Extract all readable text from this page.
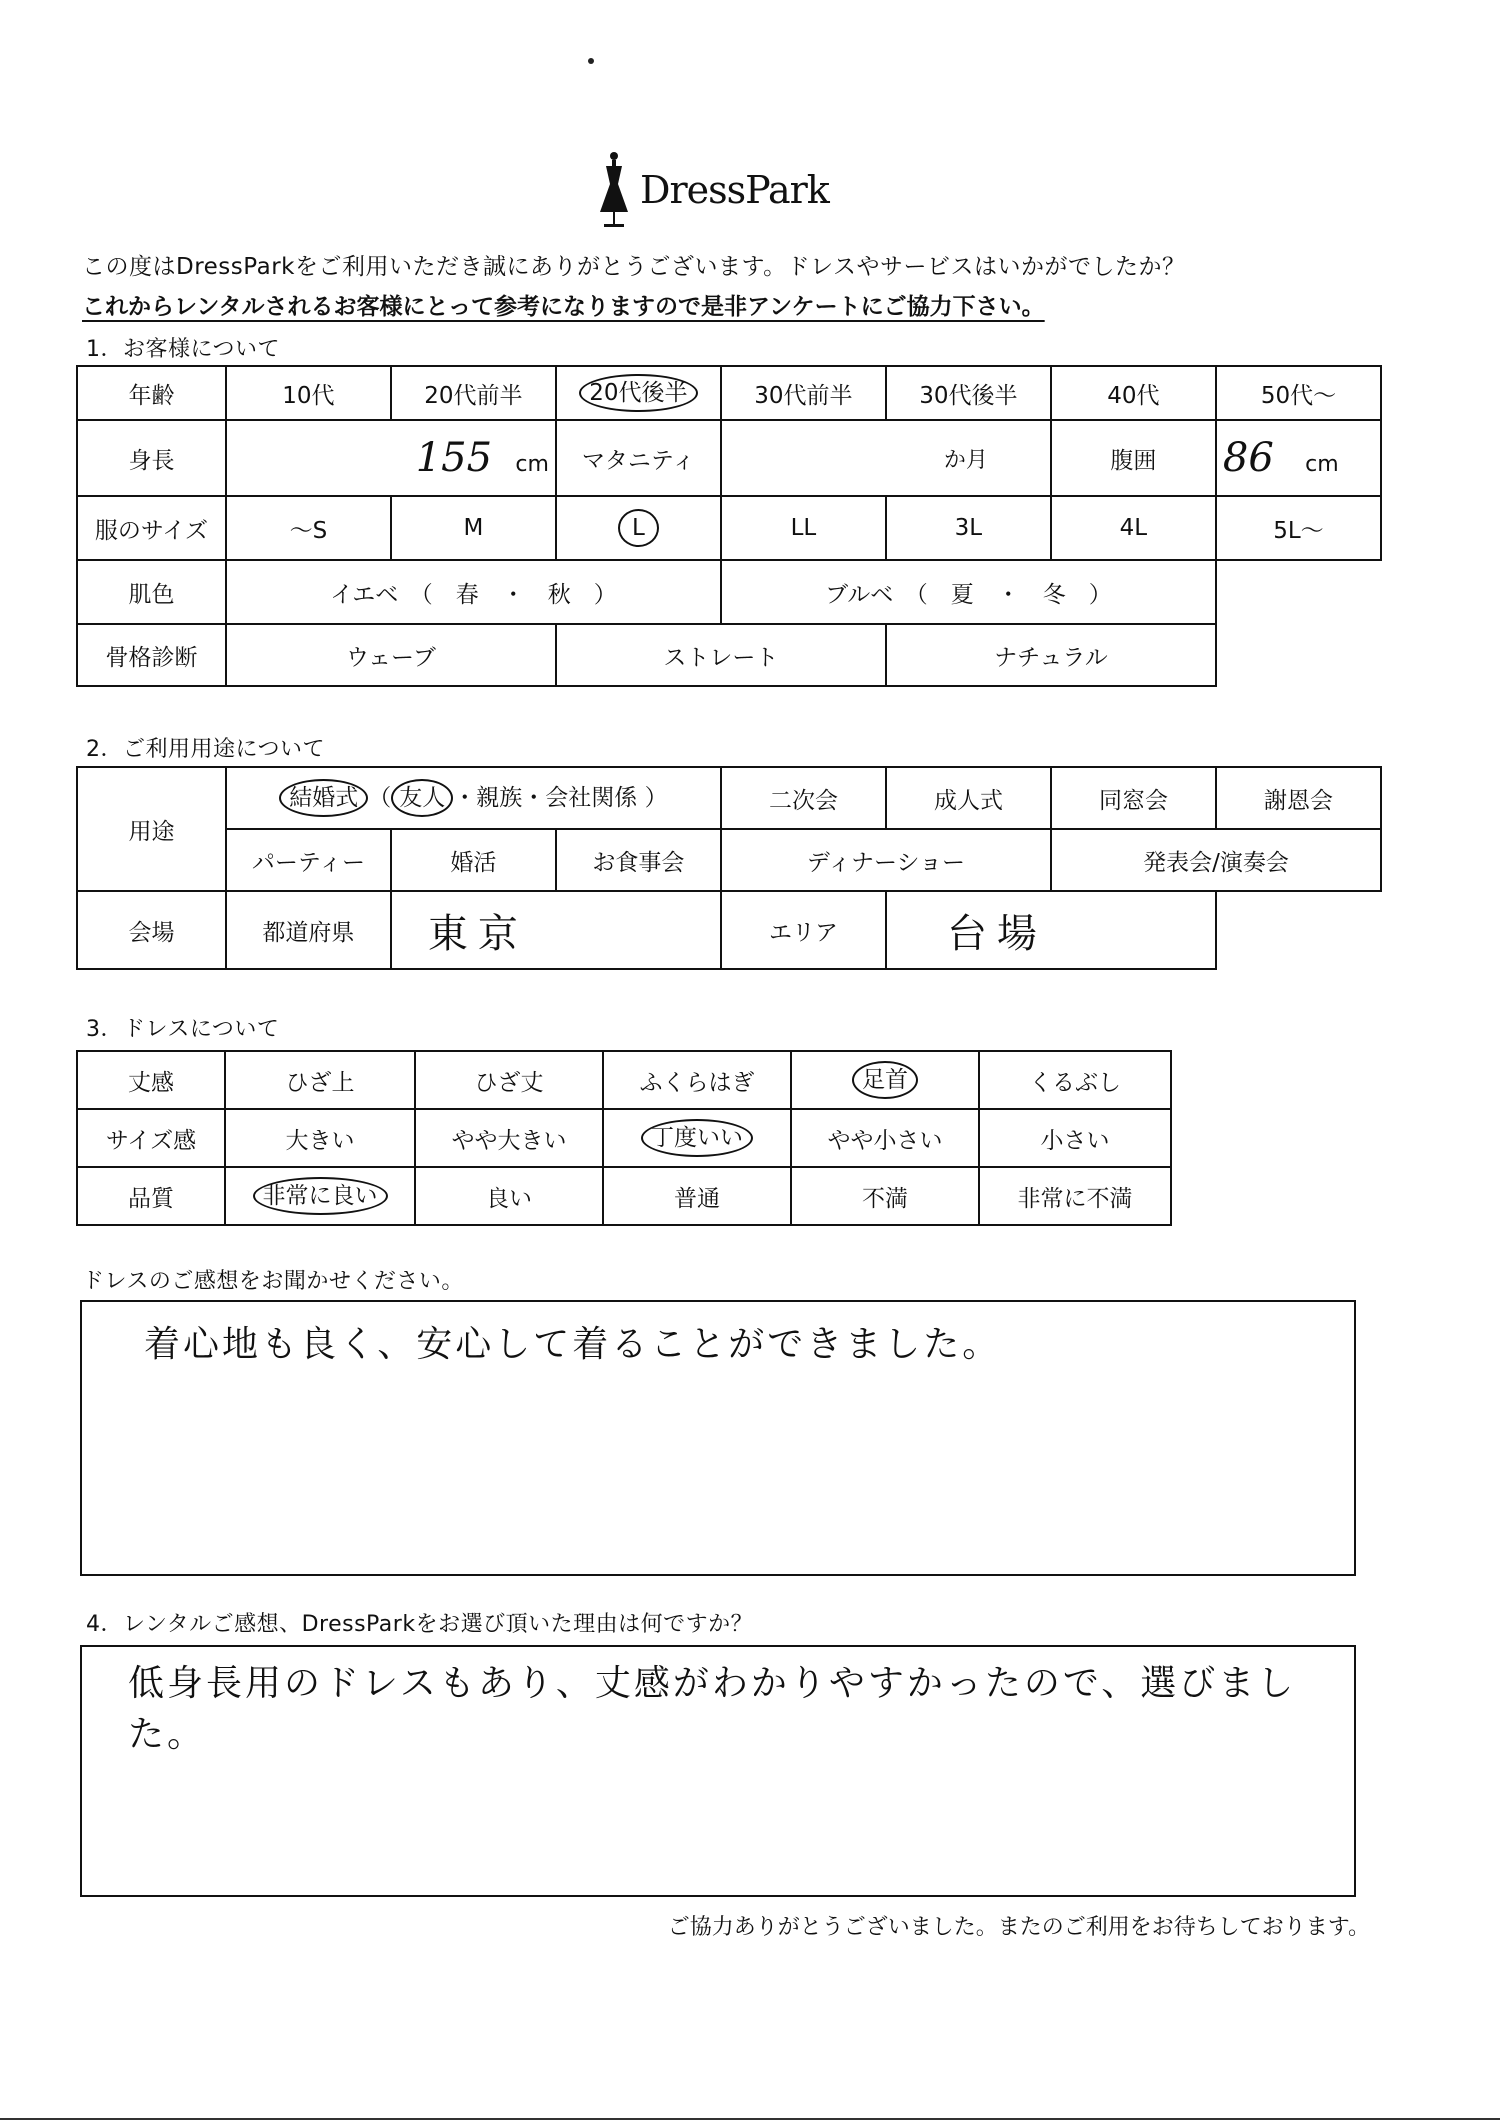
DressPark
この度はDressParkをご利用いただき誠にありがとうございます。ドレスやサービスはいかがでしたか？
これからレンタルされるお客様にとって参考になりますので是非アンケートにご協力下さい。
1．お客様について
年齢	10代	20代前半	20代後半	30代前半	30代後半	40代	50代〜
身長	155 cm		マタニティ	か月		腹囲	86 cm
服のサイズ	〜S	M	L	LL	3L	4L	5L〜
肌色	イエベ　（　春　・　秋　）			ブルベ　（　夏　・　冬　）			
骨格診断	ウェーブ		ストレート		ナチュラル		
2．ご利用用途について
用途	結婚式 （ 友人 ・親族・会社関係 ）			二次会	成人式	同窓会	謝恩会
	パーティー	婚活	お食事会	ディナーショー		発表会/演奏会	
会場	都道府県	東京		エリア	台場		
3．ドレスについて
丈感	ひざ上	ひざ丈	ふくらはぎ	足首	くるぶし
サイズ感	大きい	やや大きい	丁度いい	やや小さい	小さい
品質	非常に良い	良い	普通	不満	非常に不満
ドレスのご感想をお聞かせください。
着心地も良く、安心して着ることができました。
4．レンタルご感想、DressParkをお選び頂いた理由は何ですか？
低身長用のドレスもあり、丈感がわかりやすかったので、選びました。
ご協力ありがとうございました。またのご利用をお待ちしております。
